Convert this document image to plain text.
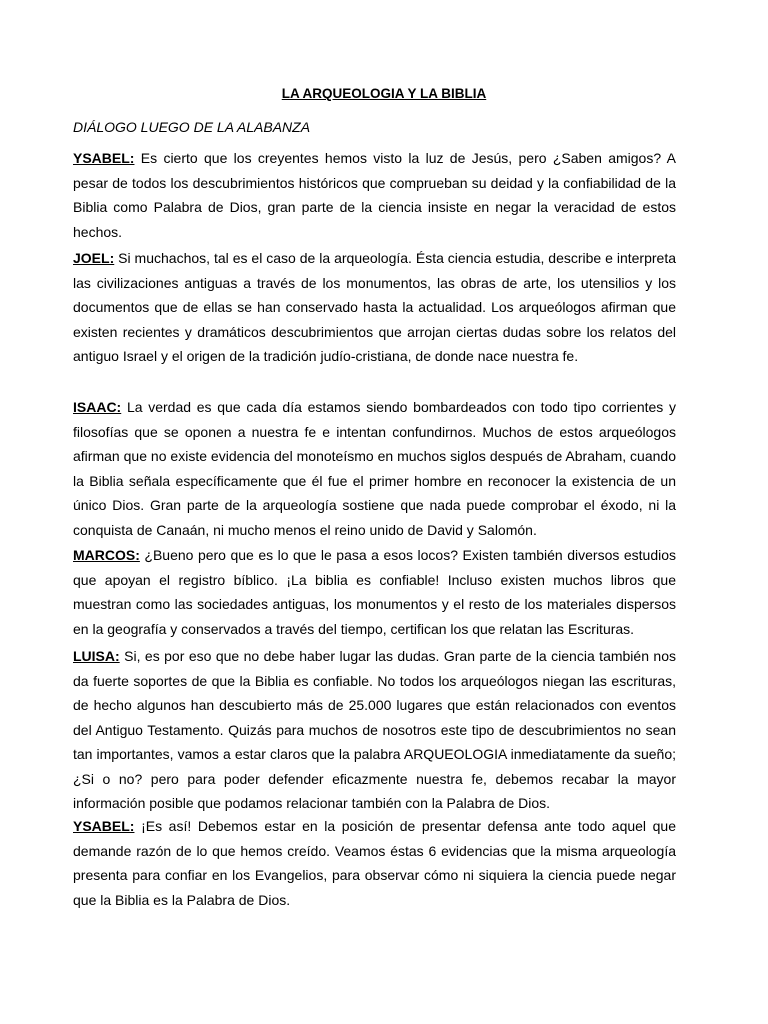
LA ARQUEOLOGIA Y LA BIBLIA
DIÁLOGO LUEGO DE LA ALABANZA

YSABEL: Es cierto que los creyentes hemos visto la luz de Jesús, pero ¿Saben amigos? A pesar de todos los descubrimientos históricos que comprueban su deidad y la confiabilidad de la Biblia como Palabra de Dios, gran parte de la ciencia insiste en negar la veracidad de estos hechos.

JOEL: Si muchachos, tal es el caso de la arqueología. Ésta ciencia estudia, describe e interpreta las civilizaciones antiguas a través de los monumentos, las obras de arte, los utensilios y los documentos que de ellas se han conservado hasta la actualidad. Los arqueólogos afirman que existen recientes y dramáticos descubrimientos que arrojan ciertas dudas sobre los relatos del antiguo Israel y el origen de la tradición judío-cristiana, de donde nace nuestra fe.

ISAAC: La verdad es que cada día estamos siendo bombardeados con todo tipo corrientes y filosofías que se oponen a nuestra fe e intentan confundirnos. Muchos de estos arqueólogos afirman que no existe evidencia del monoteísmo en muchos siglos después de Abraham, cuando la Biblia señala específicamente que él fue el primer hombre en reconocer la existencia de un único Dios. Gran parte de la arqueología sostiene que nada puede comprobar el éxodo, ni la conquista de Canaán, ni mucho menos el reino unido de David y Salomón.

MARCOS: ¿Bueno pero que es lo que le pasa a esos locos? Existen también diversos estudios que apoyan el registro bíblico. ¡La biblia es confiable! Incluso existen muchos libros que muestran como las sociedades antiguas, los monumentos y el resto de los materiales dispersos en la geografía y conservados a través del tiempo, certifican los que relatan las Escrituras.

LUISA: Si, es por eso que no debe haber lugar las dudas. Gran parte de la ciencia también nos da fuerte soportes de que la Biblia es confiable. No todos los arqueólogos niegan las escrituras, de hecho algunos han descubierto más de 25.000 lugares que están relacionados con eventos del Antiguo Testamento. Quizás para muchos de nosotros este tipo de descubrimientos no sean tan importantes, vamos a estar claros que la palabra ARQUEOLOGIA inmediatamente da sueño; ¿Si o no? pero para poder defender eficazmente nuestra fe, debemos recabar la mayor información posible que podamos relacionar también con la Palabra de Dios.

YSABEL: ¡Es así! Debemos estar en la posición de presentar defensa ante todo aquel que demande razón de lo que hemos creído. Veamos éstas 6 evidencias que la misma arqueología presenta para confiar en los Evangelios, para observar cómo ni siquiera la ciencia puede negar que la Biblia es la Palabra de Dios.
